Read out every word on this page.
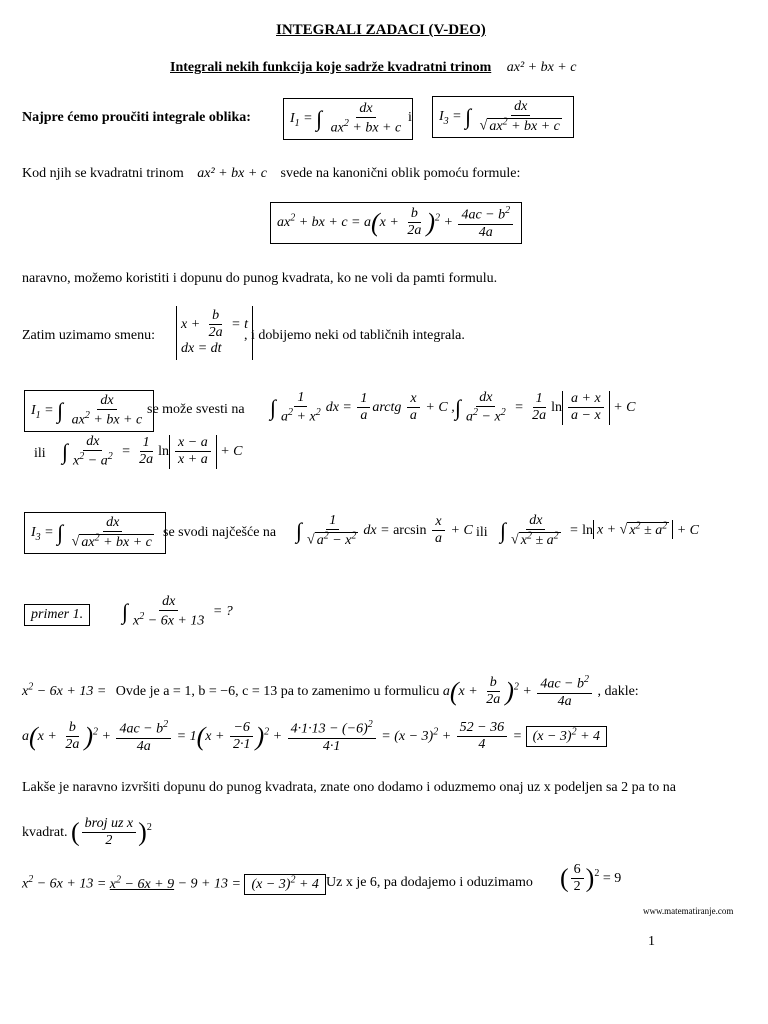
INTEGRALI ZADACI (V-DEO)
Integrali nekih funkcija koje sadrže kvadratni trinom ax² + bx + c
Najpre ćemo proučiti integrale oblika:	$I_1$ = ∫ $\frac{dx}{ax^2 + bx + c}$ i	$I_3$ = ∫ $\frac{dx}{√ ax^2 + bx + c}$
Kod njih se kvadratni trinom ax² + bx + c svede na kanonični oblik pomoću formule:
$ax^2$ + bx + $c = a(x + \frac{b}{2a} )^2 + \frac{4ac - b^2}{4a}$
naravno, možemo koristiti i dopunu do punog kvadrata, ko ne voli da pamti formulu.
Zatim uzimamo smenu:
$x + \frac{b}{2a} = t$
dx = dt
, i dobijemo neki od tabličnih integrala.
$I_1$ = ∫ $\frac{dx}{ax^2 + bx + c}$ se može svesti na ∫ $\frac{1}{a^2 + x^2}$ dx = $\frac{1}{a}$ arctg $\frac{x}{a} + C$ , ∫ $\frac{dx}{a^2 - x^2} = \frac{1}{2a}$ $\ln \frac{a + x}{a - x} + C$
ili ∫ $\frac{dx}{x^2 - a^2} = \frac{1}{2a}$ $\ln \frac{x - a}{x + a} + C$
$I_3$ = ∫ $\frac{dx}{√ ax^2 + bx + c}$ se svodi najčešće na ∫ $\frac{1}{√ a^2 - x^2}$ dx = $\arcsin \frac{x}{a} + C$ ili ∫ $\frac{dx}{√ x^2 \pm a^2} = \ln x$ + √ $x^2 \pm a^2 + C$
primer 1.	∫ $\frac{dx}{x^2 - 6x + 13}$ = ?
$x^2 - 6x + 13$ = Ovde je a = 1, b = −6, c = 13 pa to zamenimo u formulicu $a(x + \frac{b}{2a} )^2 + \frac{4ac - b^2}{4a}$ , dakle:
$a(x + \frac{b}{2a} )^2 + \frac{4ac - b^2}{4a} = 1(x + \frac{-6}{2\cdot 1} )^2 + \frac{4\cdot 1\cdot 13 - (-6)^2}{4\cdot 1} = (x - 3)^2 + \frac{52 - 36}{4} = (x - 3)^2 + 4$
Lakše je naravno izvršiti dopunu do punog kvadrata, znate ono dodamo i oduzmemo onaj uz x podeljen sa 2 pa to na
kvadrat. ( $\frac{\text{broj uz x}}{2} )^2$
$x^2 - 6x + 13 = x^2 - 6x + 9 - 9 + 13 = (x - 3)^2 + 4$ Uz x je 6, pa dodajemo i oduzimamo ( $\frac{6}{2} )^2 = 9$
www.matematiranje.com
1
